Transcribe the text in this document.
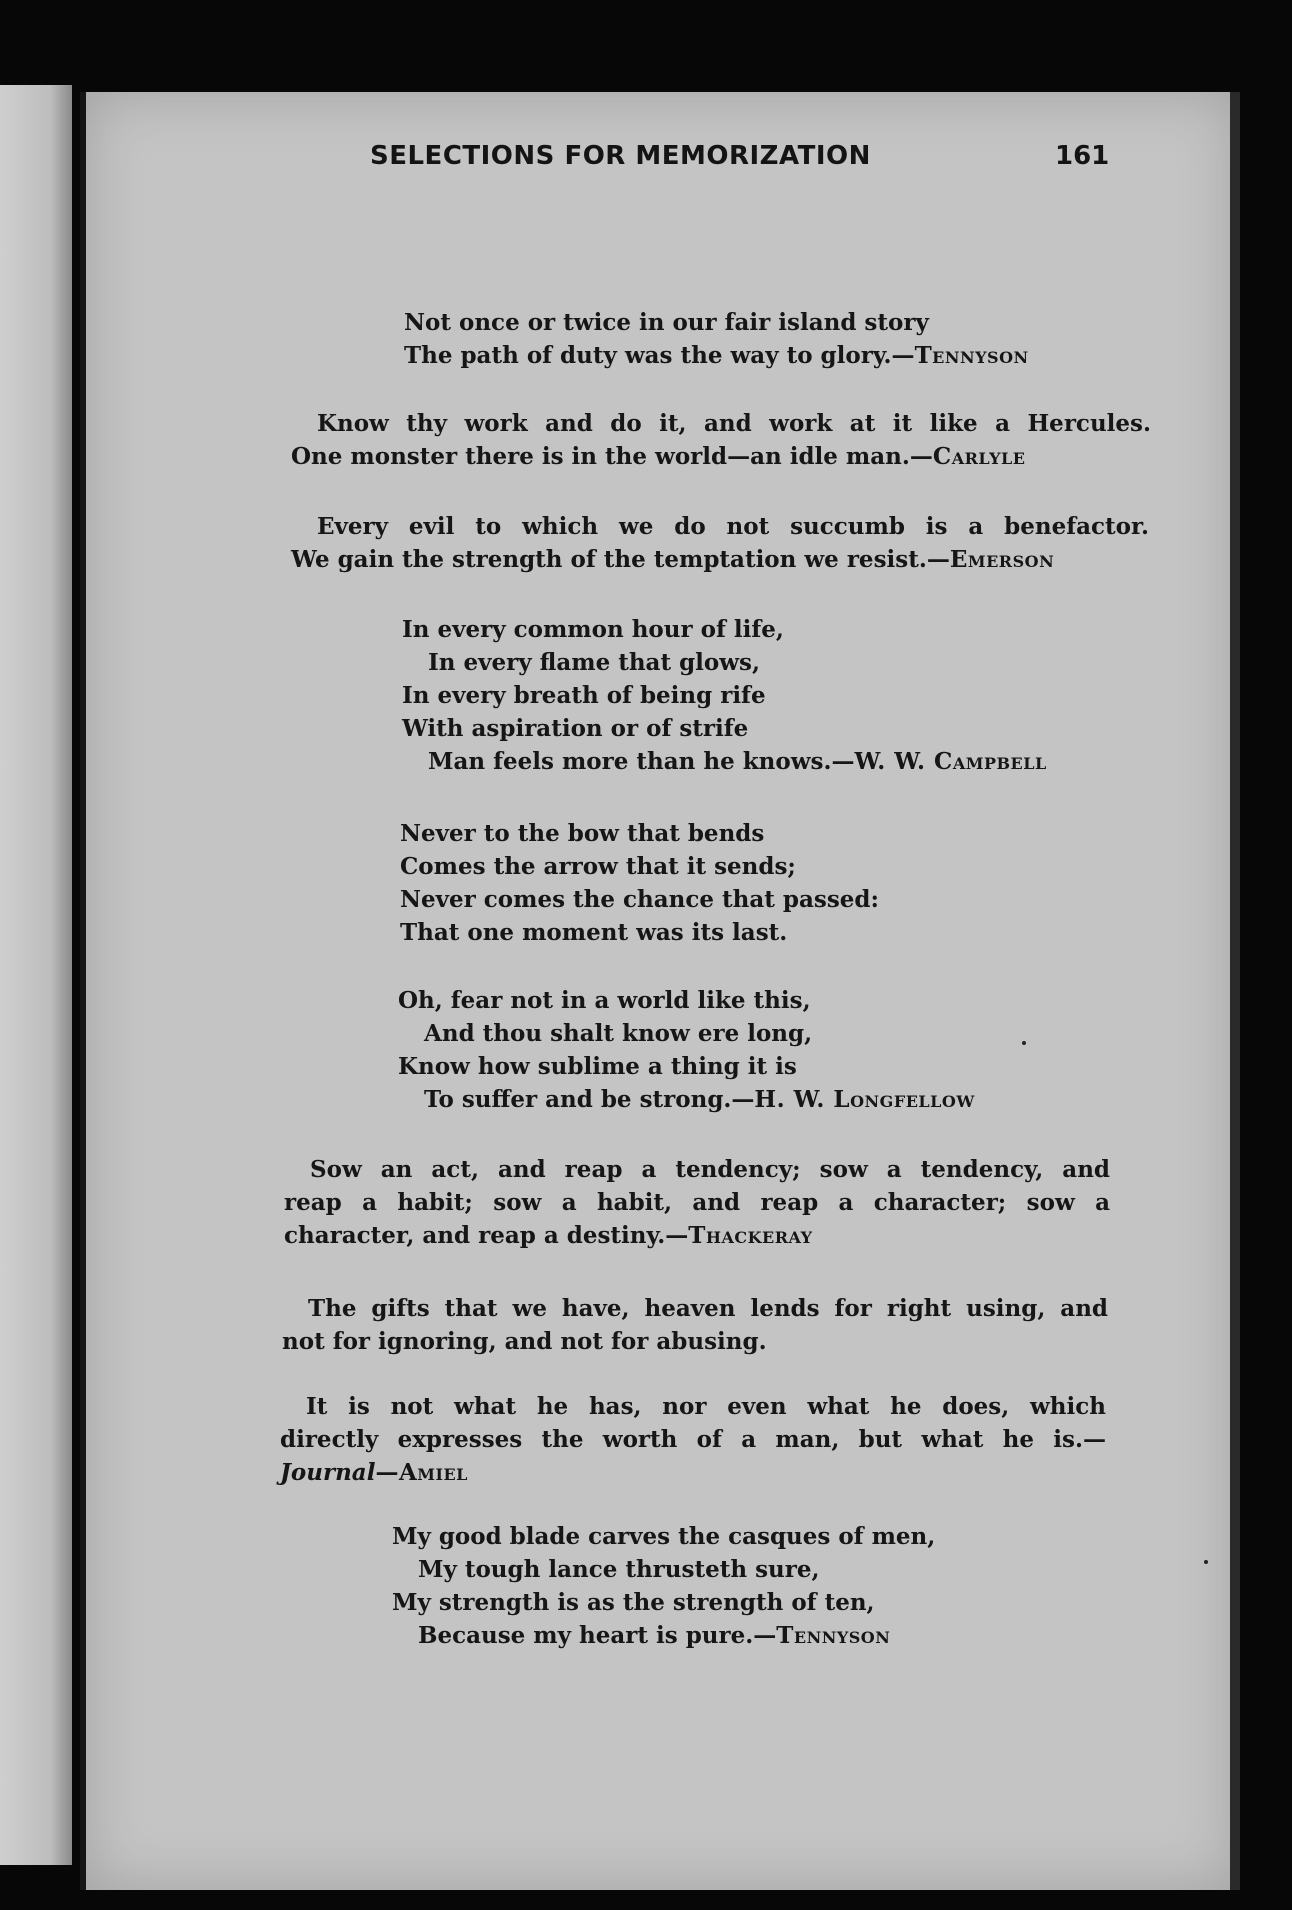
SELECTIONS FOR MEMORIZATION	161

Not once or twice in our fair island story

The path of duty was the way to glory.—Tennyson

Know thy work and do it, and work at it like a Hercules.

One monster there is in the world—an idle man.—Carlyle

Every evil to which we do not succumb is a benefactor.

We gain the strength of the temptation we resist.—Emerson

In every common hour of life,

In every flame that glows,

In every breath of being rife

With aspiration or of strife

Man feels more than he knows.—W. W. Campbell

Never to the bow that bends

Comes the arrow that it sends;

Never comes the chance that passed:

That one moment was its last.

Oh, fear not in a world like this,

And thou shalt know ere long,

Know how sublime a thing it is

To suffer and be strong.—H. W. Longfellow

Sow an act, and reap a tendency; sow a tendency, and

reap a habit; sow a habit, and reap a character; sow a

character, and reap a destiny.—Thackeray

The gifts that we have, heaven lends for right using, and

not for ignoring, and not for abusing.

It is not what he has, nor even what he does, which

directly expresses the worth of a man, but what he is.—

Journal—Amiel

My good blade carves the casques of men,

My tough lance thrusteth sure,

My strength is as the strength of ten,

Because my heart is pure.—Tennyson
